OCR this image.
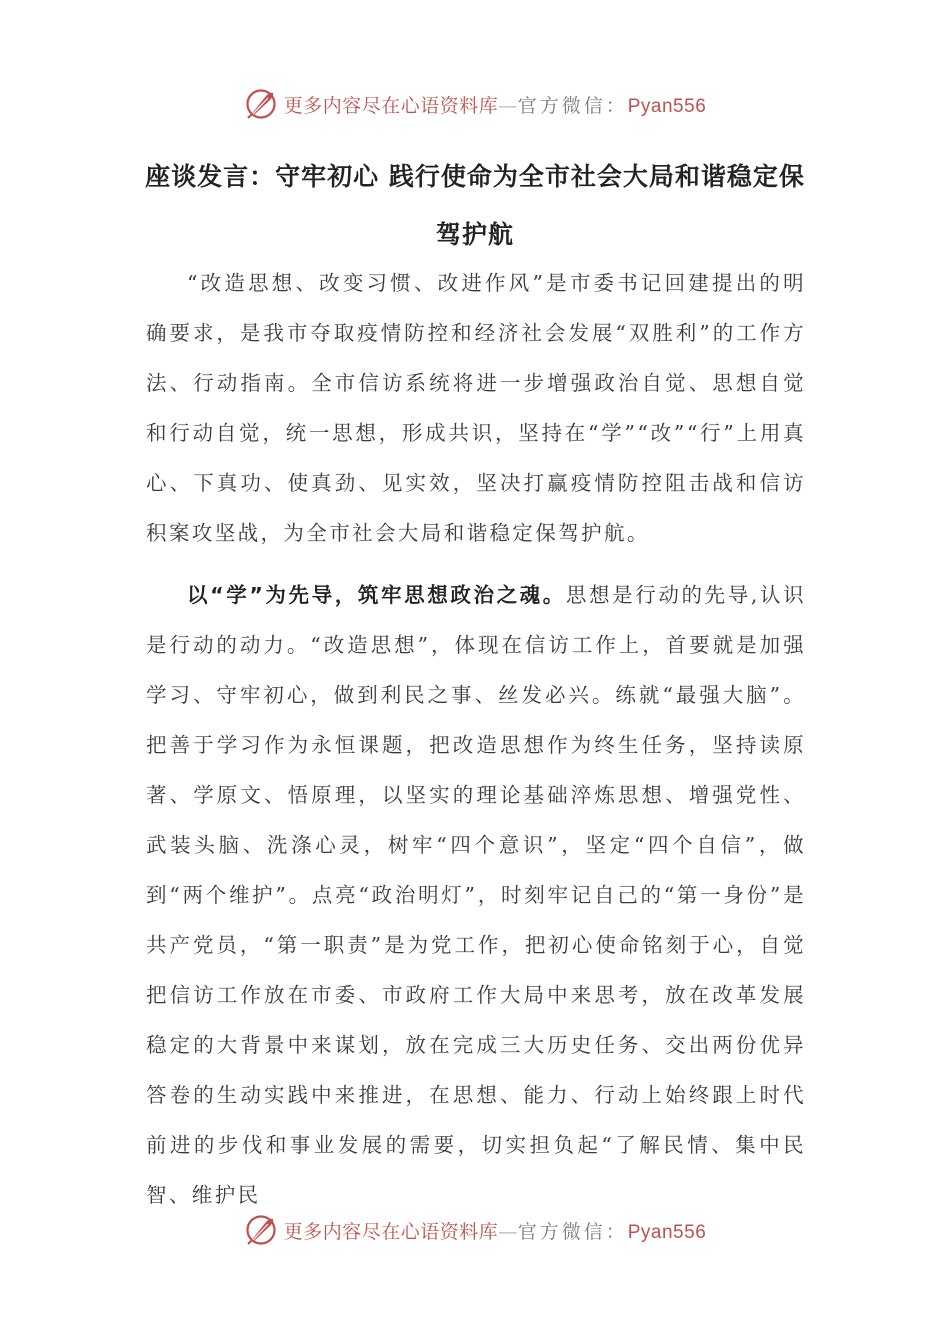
更多内容尽在心语资料库—官方微信：Pyan556
座谈发言：守牢初心 践行使命为全市社会大局和谐稳定保驾护航

“改造思想、改变习惯、改进作风”是市委书记回建提出的明确要求，是我市夺取疫情防控和经济社会发展“双胜利”的工作方法、行动指南。全市信访系统将进一步增强政治自觉、思想自觉和行动自觉，统一思想，形成共识，坚持在“学”“改”“行”上用真心、下真功、使真劲、见实效，坚决打赢疫情防控阻击战和信访积案攻坚战，为全市社会大局和谐稳定保驾护航。

以“学”为先导，筑牢思想政治之魂。思想是行动的先导,认识是行动的动力。“改造思想”，体现在信访工作上，首要就是加强学习、守牢初心，做到利民之事、丝发必兴。练就“最强大脑”。把善于学习作为永恒课题，把改造思想作为终生任务，坚持读原著、学原文、悟原理，以坚实的理论基础淬炼思想、增强党性、武装头脑、洗涤心灵，树牢“四个意识”，坚定“四个自信”，做到“两个维护”。点亮“政治明灯”，时刻牢记自己的“第一身份”是共产党员，“第一职责”是为党工作，把初心使命铭刻于心，自觉把信访工作放在市委、市政府工作大局中来思考，放在改革发展稳定的大背景中来谋划，放在完成三大历史任务、交出两份优异答卷的生动实践中来推进，在思想、能力、行动上始终跟上时代前进的步伐和事业发展的需要，切实担负起“了解民情、集中民智、维护民

更多内容尽在心语资料库—官方微信：Pyan556
